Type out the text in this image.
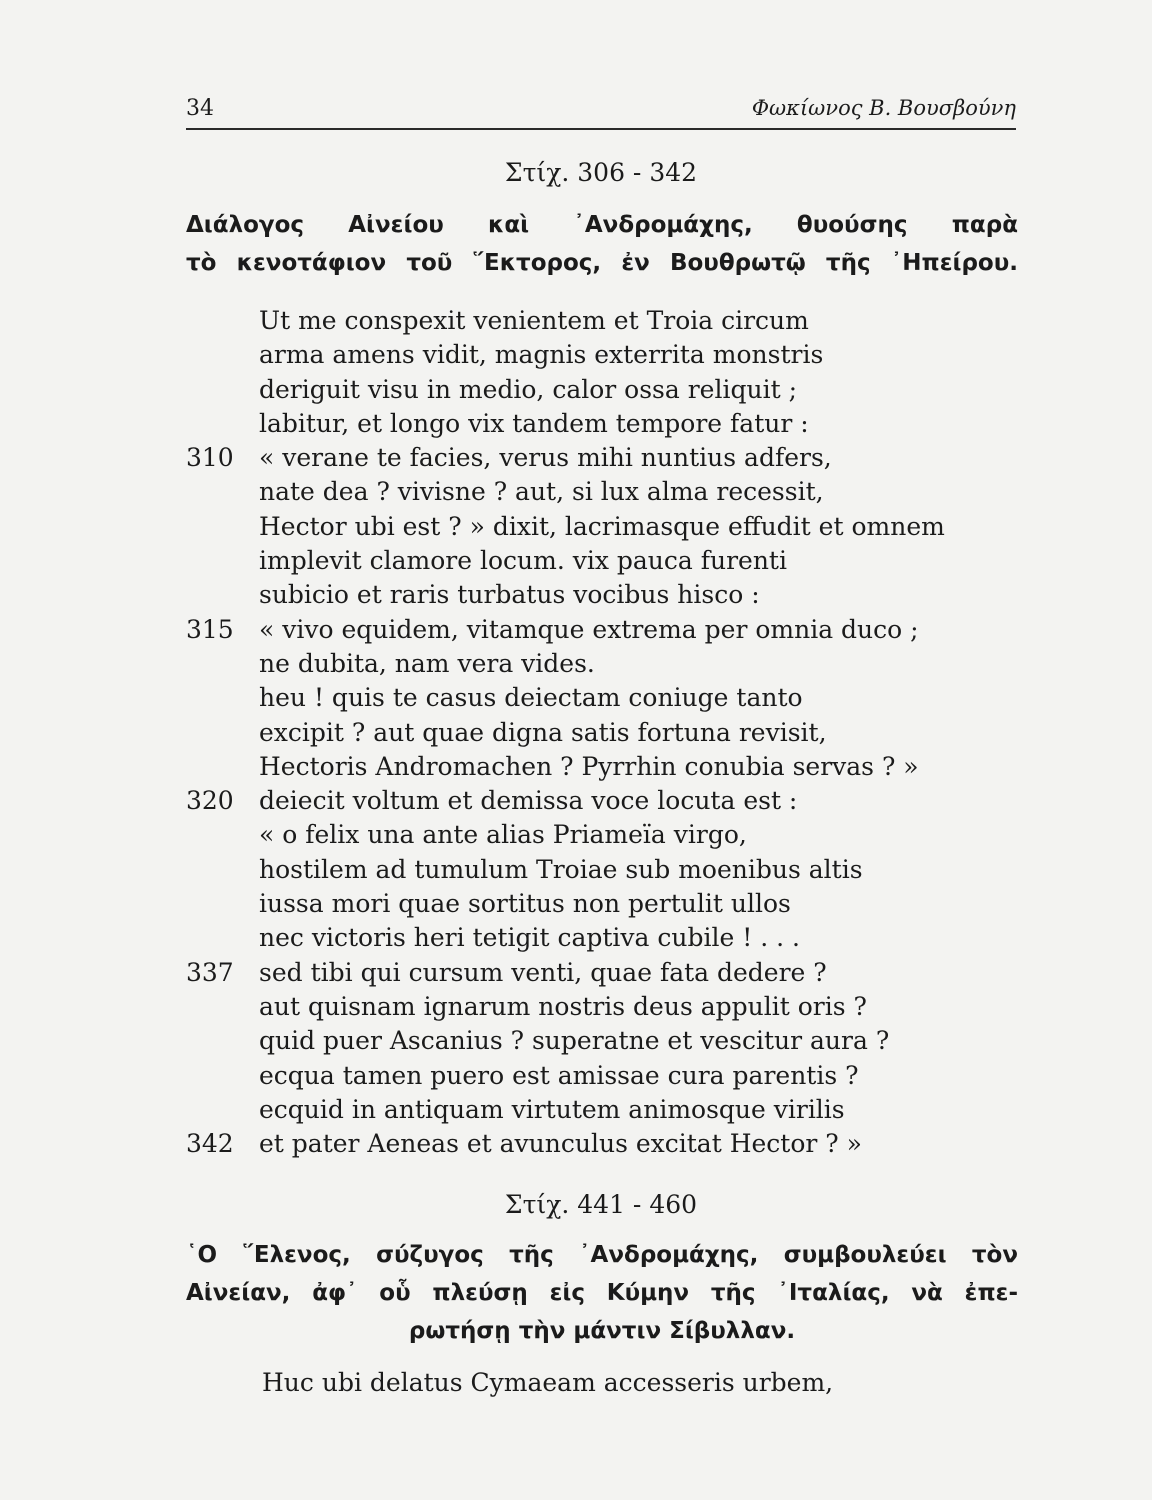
34	Φωκίωνος Β. Βουσβούνη
Στίχ. 306 - 342
Διάλογος Αἰνείου καὶ ᾿Ανδρομάχης, θυούσης παρὰ
τὸ κενοτάφιον τοῦ ῞Εκτορος, ἐν Βουθρωτῷ τῆς ᾿Ηπείρου.
Ut me conspexit venientem et Troia circum
arma amens vidit, magnis exterrita monstris
deriguit visu in medio, calor ossa reliquit ;
labitur, et longo vix tandem tempore fatur :
310	« verane te facies, verus mihi nuntius adfers,
nate dea ? vivisne ? aut, si lux alma recessit,
Hector ubi est ? » dixit, lacrimasque effudit et omnem
implevit clamore locum. vix pauca furenti
subicio et raris turbatus vocibus hisco :
315	« vivo equidem, vitamque extrema per omnia duco ;
ne dubita, nam vera vides.
heu ! quis te casus deiectam coniuge tanto
excipit ? aut quae digna satis fortuna revisit,
Hectoris Andromachen ? Pyrrhin conubia servas ? »
320	deiecit voltum et demissa voce locuta est :
« o felix una ante alias Priameïa virgo,
hostilem ad tumulum Troiae sub moenibus altis
iussa mori quae sortitus non pertulit ullos
nec victoris heri tetigit captiva cubile ! . . .
337	sed tibi qui cursum venti, quae fata dedere ?
aut quisnam ignarum nostris deus appulit oris ?
quid puer Ascanius ? superatne et vescitur aura ?
ecqua tamen puero est amissae cura parentis ?
ecquid in antiquam virtutem animosque virilis
342	et pater Aeneas et avunculus excitat Hector ? »
Στίχ. 441 - 460
῾Ο ῞Ελενος, σύζυγος τῆς ᾿Ανδρομάχης, συμβουλεύει τὸν
Αἰνείαν, ἀφ᾿ οὗ πλεύσῃ εἰς Κύμην τῆς ᾿Ιταλίας, νὰ ἐπε-
ρωτήσῃ τὴν μάντιν Σίβυλλαν.
Huc ubi delatus Cymaeam accesseris urbem,
